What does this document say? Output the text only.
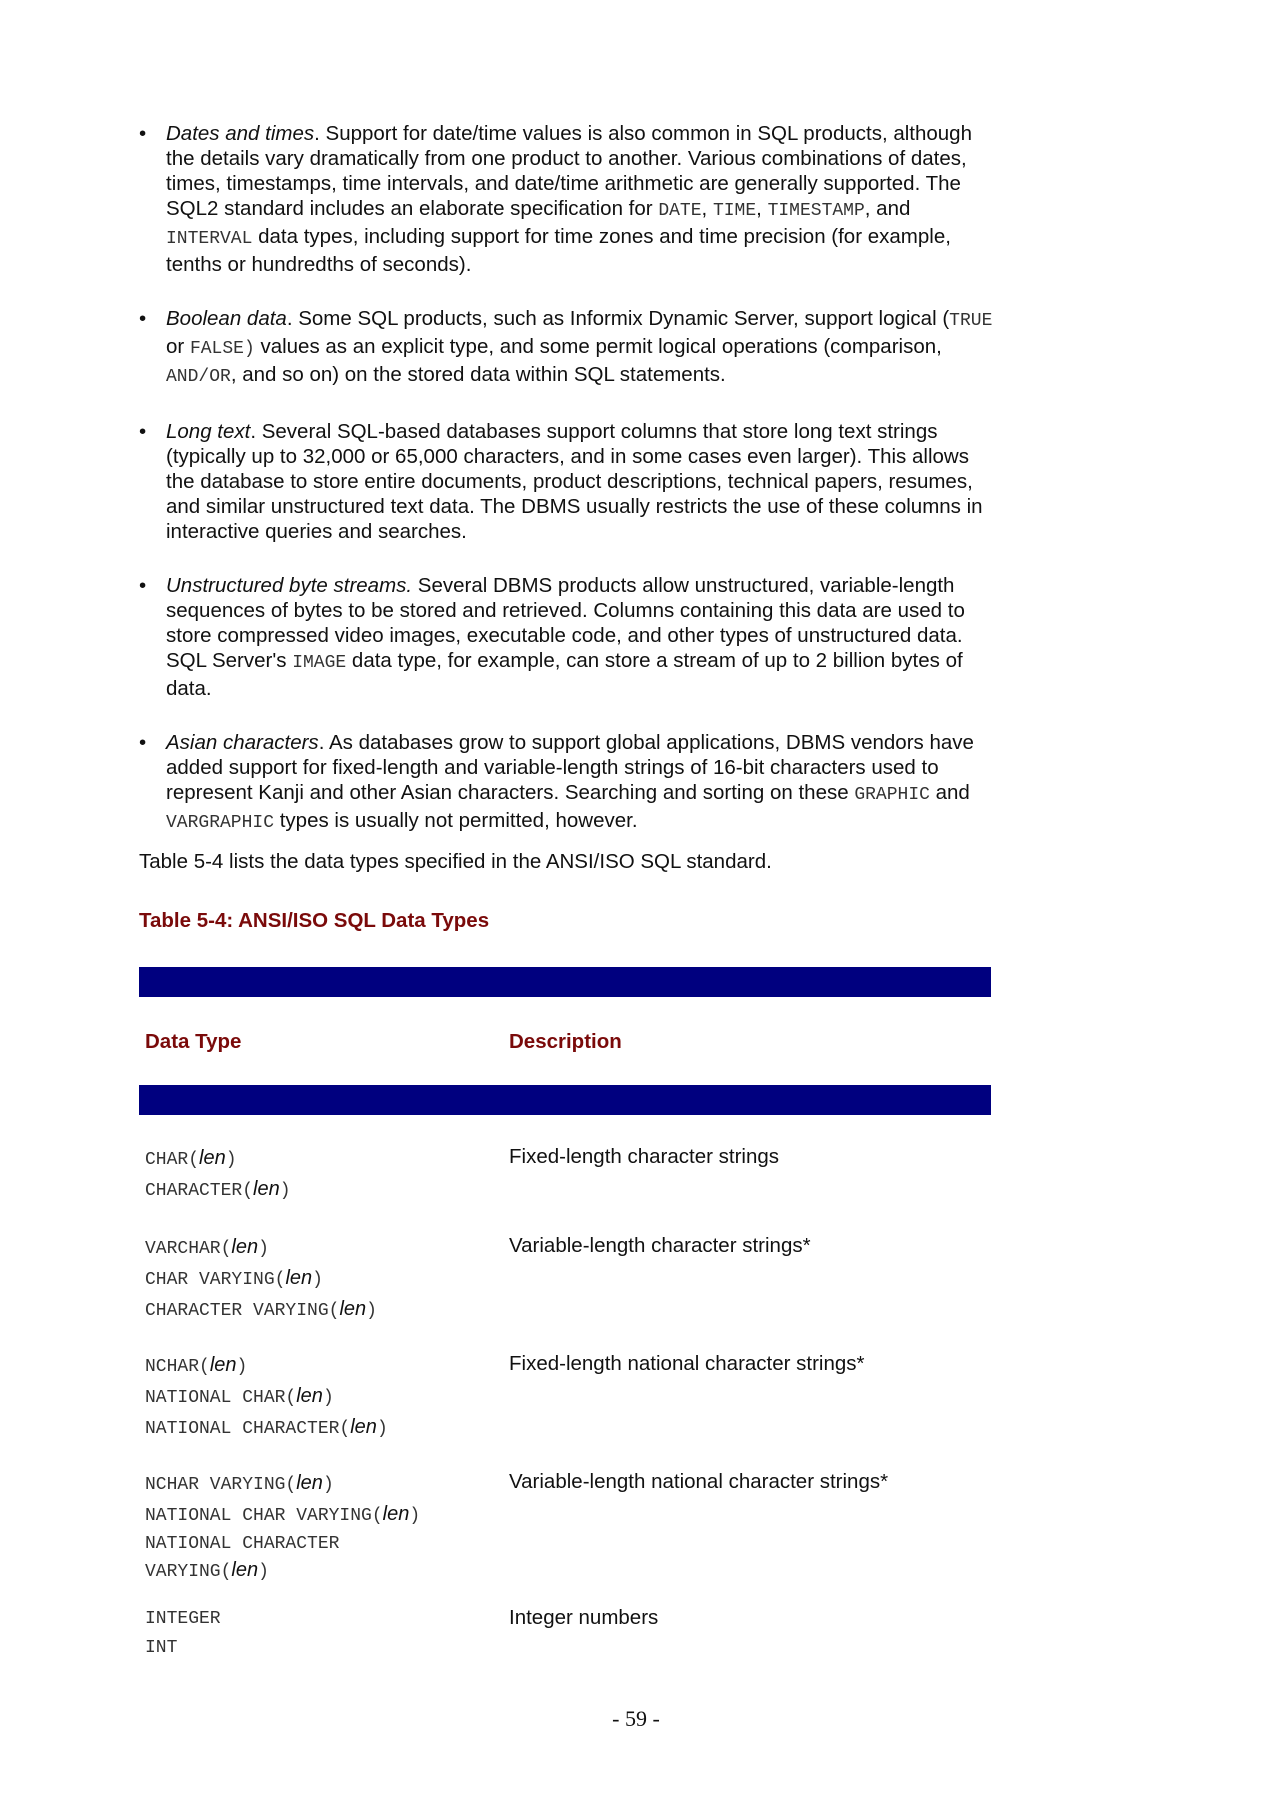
• Dates and times. Support for date/time values is also common in SQL products, although the details vary dramatically from one product to another. Various combinations of dates, times, timestamps, time intervals, and date/time arithmetic are generally supported. The SQL2 standard includes an elaborate specification for DATE, TIME, TIMESTAMP, and INTERVAL data types, including support for time zones and time precision (for example, tenths or hundredths of seconds).
• Boolean data. Some SQL products, such as Informix Dynamic Server, support logical (TRUE or FALSE) values as an explicit type, and some permit logical operations (comparison, AND/OR, and so on) on the stored data within SQL statements.
• Long text. Several SQL-based databases support columns that store long text strings (typically up to 32,000 or 65,000 characters, and in some cases even larger). This allows the database to store entire documents, product descriptions, technical papers, resumes, and similar unstructured text data. The DBMS usually restricts the use of these columns in interactive queries and searches.
• Unstructured byte streams. Several DBMS products allow unstructured, variable-length sequences of bytes to be stored and retrieved. Columns containing this data are used to store compressed video images, executable code, and other types of unstructured data. SQL Server's IMAGE data type, for example, can store a stream of up to 2 billion bytes of data.
• Asian characters. As databases grow to support global applications, DBMS vendors have added support for fixed-length and variable-length strings of 16-bit characters used to represent Kanji and other Asian characters. Searching and sorting on these GRAPHIC and VARGRAPHIC types is usually not permitted, however.

Table 5-4 lists the data types specified in the ANSI/ISO SQL standard.

Table 5-4: ANSI/ISO SQL Data Types

Data Type	Description
CHAR(len)
CHARACTER(len)
Fixed-length character strings
VARCHAR(len)
CHAR VARYING(len)
CHARACTER VARYING(len)
Variable-length character strings*
NCHAR(len)
NATIONAL CHAR(len)
NATIONAL CHARACTER(len)
Fixed-length national character strings*
NCHAR VARYING(len)
NATIONAL CHAR VARYING(len)
NATIONAL CHARACTER
VARYING(len)
Variable-length national character strings*
INTEGER
INT
Integer numbers
- 59 -
